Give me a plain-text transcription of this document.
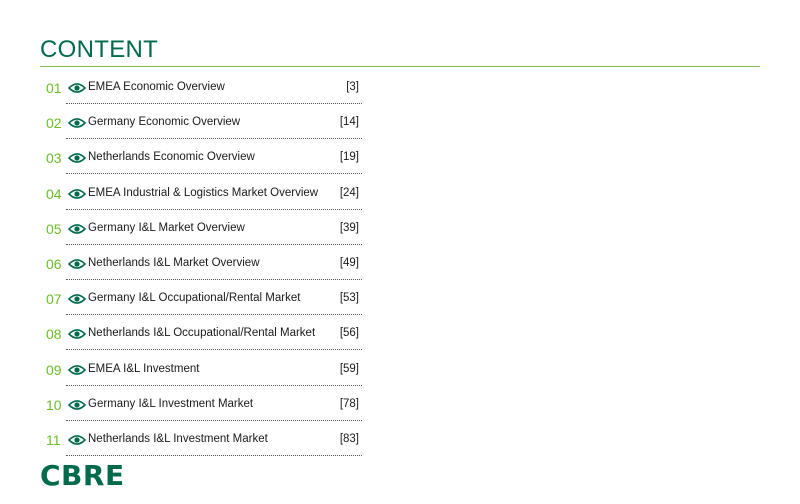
CONTENT
01	EMEA Economic Overview	[3]
02	Germany Economic Overview	[14]
03	Netherlands Economic Overview	[19]
04	EMEA Industrial & Logistics Market Overview [24]
05	Germany I&L Market Overview	[39]
06	Netherlands I&L Market Overview	[49]
07	Germany I&L Occupational/Rental Market	[53]
08	Netherlands I&L Occupational/Rental Market [56]
09	EMEA I&L Investment	[59]
10	Germany I&L Investment Market	[78]
11	Netherlands I&L Investment Market	[83]
CBRE
